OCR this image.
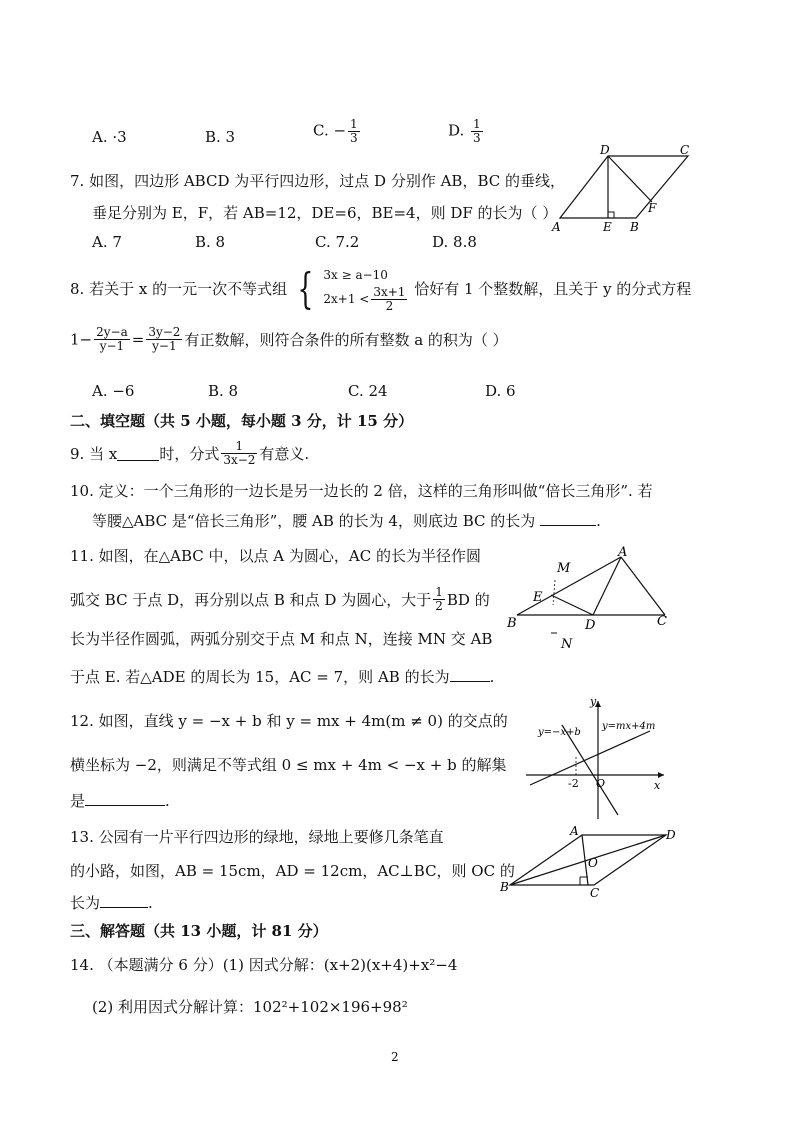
A. ·3	B. 3	C. − $\frac{1}{3}$	D. $\frac{1}{3}$
7. 如图，四边形 ABCD 为平行四边形，过点 D 分别作 AB，BC 的垂线，
垂足分别为 E，F，若 AB=12，DE=6，BE=4，则 DF 的长为（ ）
A. 7	B. 8	C. 7.2	D. 8.8
D	C
A	E B
F
8. 若关于 x 的一元一次不等式组 { 3x ≥ a−10
$2x+1 < \frac{3x+1}{2}$ 恰好有 1 个整数解，且关于 y 的分式方程
$1- \frac{2y-a}{y-1} = \frac{3y-2}{y-1}$ 有正数解，则符合条件的所有整数 a 的积为（ ）
A. −6	B. 8	C. 24	D. 6
二、填空题（共 5 小题，每小题 3 分，计 15 分）
9. 当 x	时，分式 $\frac{1}{3x-2}$ 有意义.
10. 定义：一个三角形的一边长是另一边长的 2 倍，这样的三角形叫做“倍长三角形”. 若
等腰△ABC 是“倍长三角形”，腰 AB 的长为 4，则底边 BC 的长为	.
11. 如图，在△ABC 中，以点 A 为圆心，AC 的长为半径作圆
弧交 BC 于点 D，再分别以点 B 和点 D 为圆心，大于 $\frac{1}{2}$ BD 的
长为半径作圆弧，两弧分别交于点 M 和点 N，连接 MN 交 AB
于点 E. 若△ADE 的周长为 15，AC = 7，则 AB 的长为	.
M
A
E
B	D	C
N
12. 如图，直线 y = −x + b 和 y = mx + 4m(m ≠ 0) 的交点的
横坐标为 −2，则满足不等式组 0 ≤ mx + 4m < −x + b 的解集
是	.
y
x
y=−x+b
y=mx+4m
-2 O
13. 公园有一片平行四边形的绿地，绿地上要修几条笔直
的小路，如图，AB = 15cm，AD = 12cm，AC⊥BC，则 OC 的
长为	.
A	D
O
B	C
三、解答题（共 13 小题，计 81 分）
14. （本题满分 6 分）(1) 因式分解：(x+2)(x+4)+x²−4
(2) 利用因式分解计算：102²+102×196+98²
2
